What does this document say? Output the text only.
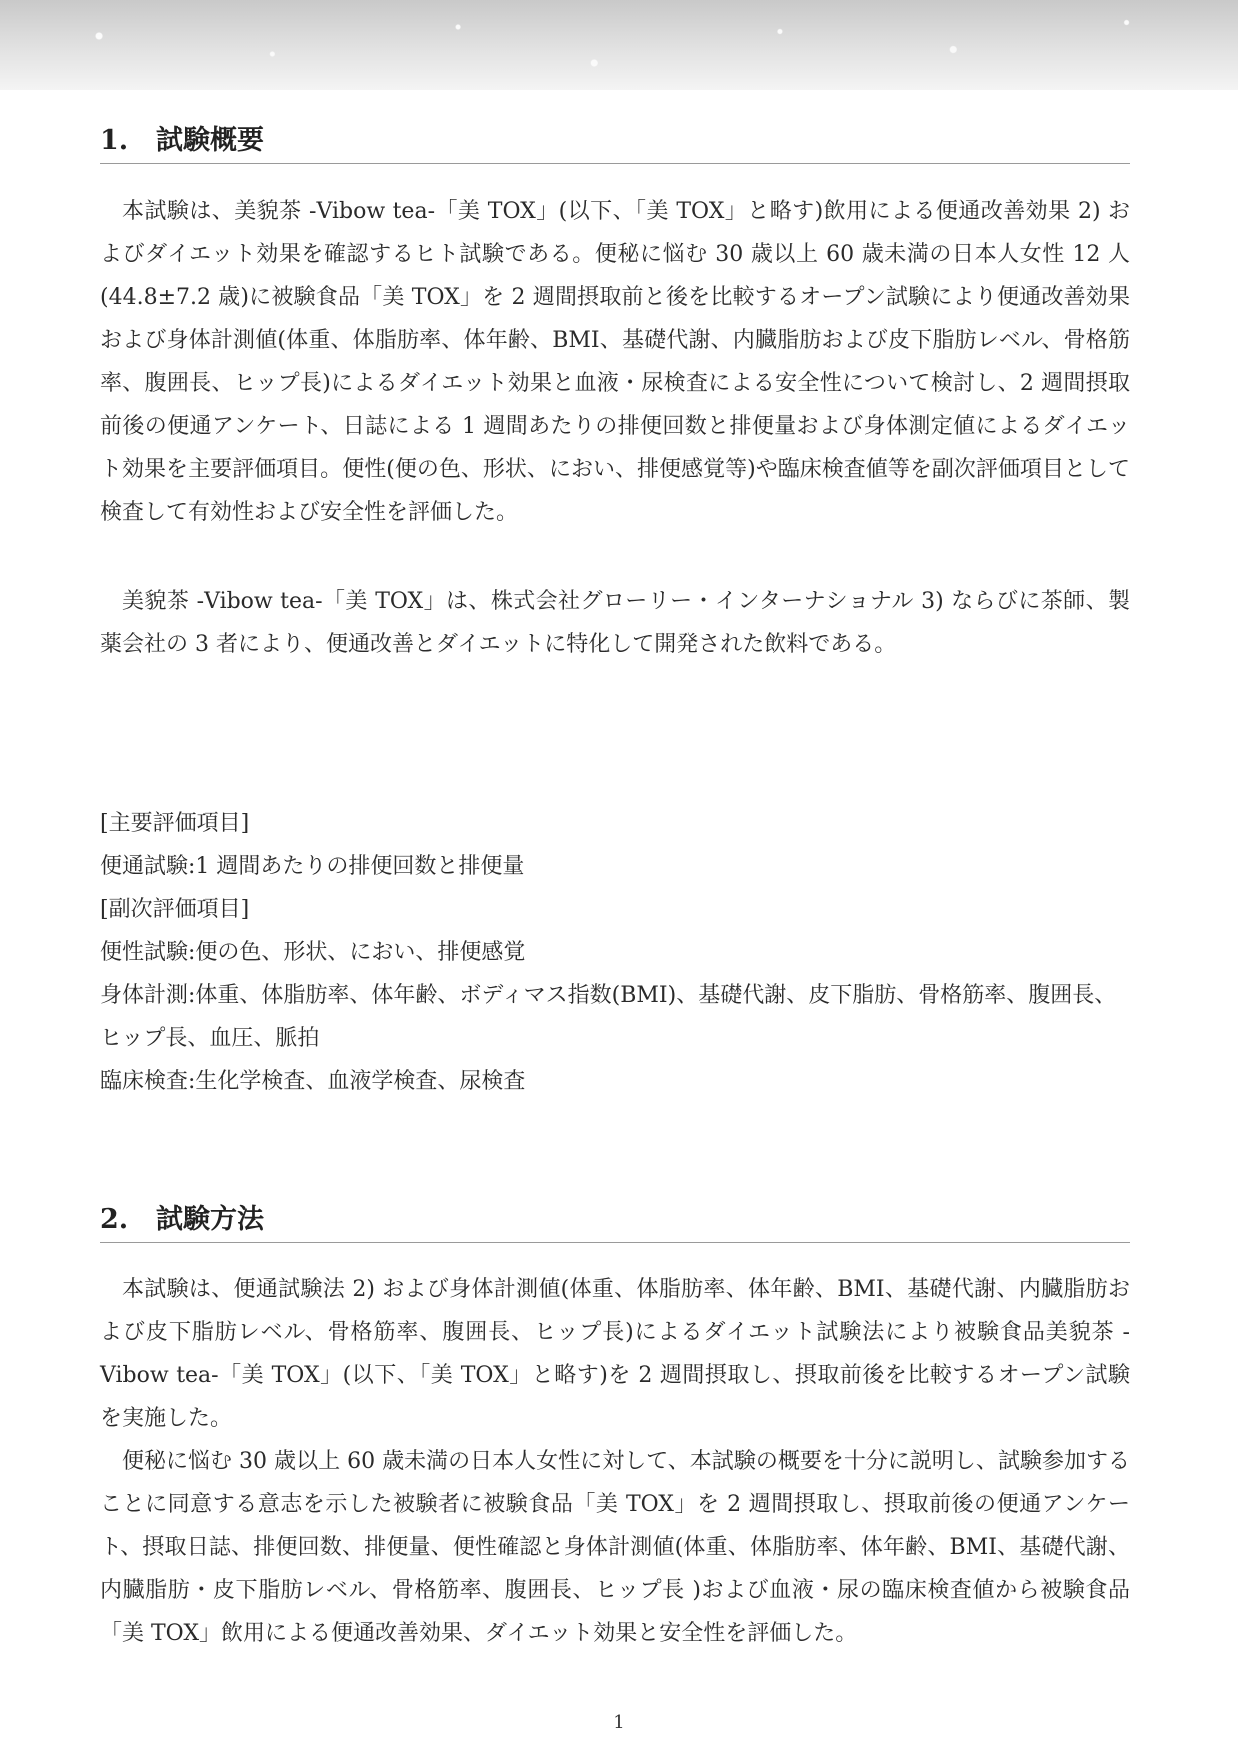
1. 試験概要

本試験は、美貌茶 -Vibow tea-「美 TOX」(以下、「美 TOX」と略す)飲用による便通改善効果 2) およびダイエット効果を確認するヒト試験である。便秘に悩む 30 歳以上 60 歳未満の日本人女性 12 人(44.8±7.2 歳)に被験食品「美 TOX」を 2 週間摂取前と後を比較するオープン試験により便通改善効果および身体計測値(体重、体脂肪率、体年齢、BMI、基礎代謝、内臓脂肪および皮下脂肪レベル、骨格筋率、腹囲長、ヒップ長)によるダイエット効果と血液・尿検査による安全性について検討し、2 週間摂取前後の便通アンケート、日誌による 1 週間あたりの排便回数と排便量および身体測定値によるダイエット効果を主要評価項目。便性(便の色、形状、におい、排便感覚等)や臨床検査値等を副次評価項目として検査して有効性および安全性を評価した。

美貌茶 -Vibow tea-「美 TOX」は、株式会社グローリー・インターナショナル 3) ならびに茶師、製薬会社の 3 者により、便通改善とダイエットに特化して開発された飲料である。

[主要評価項目]
便通試験:1 週間あたりの排便回数と排便量
[副次評価項目]
便性試験:便の色、形状、におい、排便感覚
身体計測:体重、体脂肪率、体年齢、ボディマス指数(BMI)、基礎代謝、皮下脂肪、骨格筋率、腹囲長、ヒップ長、血圧、脈拍
臨床検査:生化学検査、血液学検査、尿検査
2. 試験方法

本試験は、便通試験法 2) および身体計測値(体重、体脂肪率、体年齢、BMI、基礎代謝、内臓脂肪および皮下脂肪レベル、骨格筋率、腹囲長、ヒップ長)によるダイエット試験法により被験食品美貌茶 -Vibow tea-「美 TOX」(以下、「美 TOX」と略す)を 2 週間摂取し、摂取前後を比較するオープン試験を実施した。

便秘に悩む 30 歳以上 60 歳未満の日本人女性に対して、本試験の概要を十分に説明し、試験参加することに同意する意志を示した被験者に被験食品「美 TOX」を 2 週間摂取し、摂取前後の便通アンケート、摂取日誌、排便回数、排便量、便性確認と身体計測値(体重、体脂肪率、体年齢、BMI、基礎代謝、内臓脂肪・皮下脂肪レベル、骨格筋率、腹囲長、ヒップ長 )および血液・尿の臨床検査値から被験食品「美 TOX」飲用による便通改善効果、ダイエット効果と安全性を評価した。

1
